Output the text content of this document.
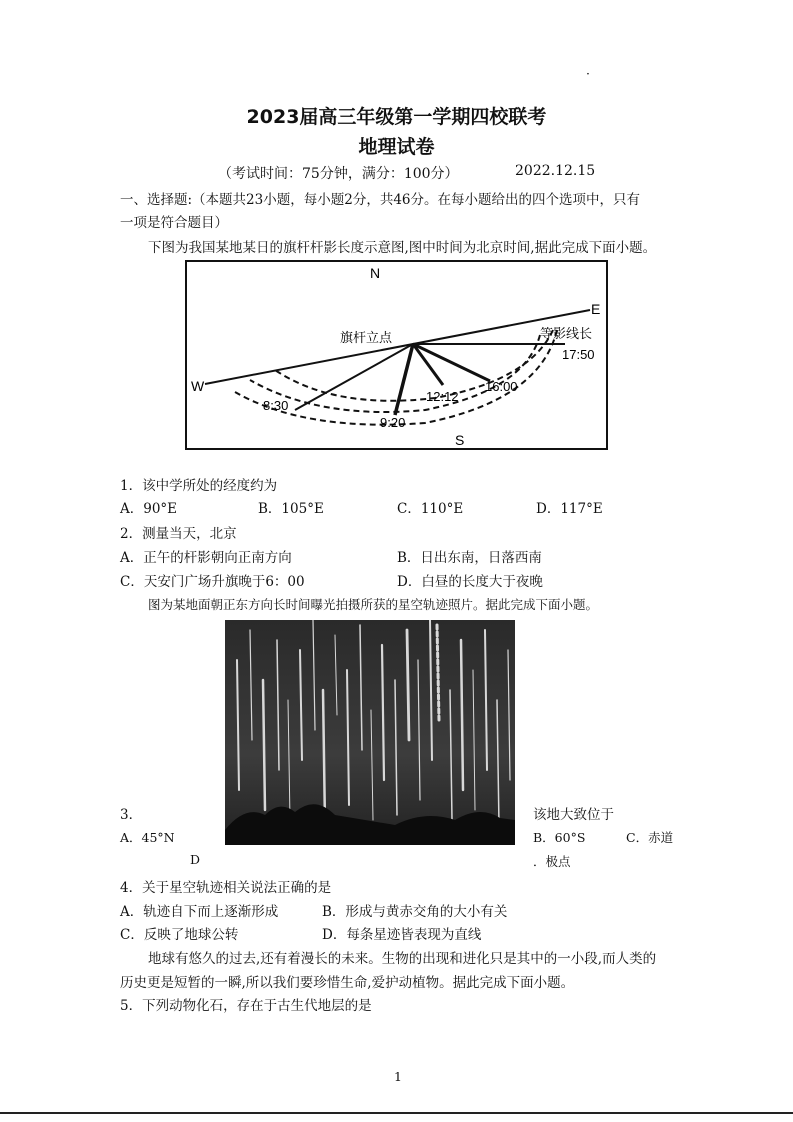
·
2023届高三年级第一学期四校联考
地理试卷
（考试时间：75分钟，满分：100分）	2022.12.15
一、选择题:（本题共23小题，每小题2分，共46分。在每小题给出的四个选项中，只有
一项是符合题目）
下图为我国某地某日的旗杆杆影长度示意图,图中时间为北京时间,据此完成下面小题。
N
S
E
W
旗杆立点	等影线长
17:50
16:00
12:12
9:20
8:30
1．该中学所处的经度约为
A．90°E	B．105°E	C．110°E	D．117°E
2．测量当天，北京
A．正午的杆影朝向正南方向	B．日出东南，日落西南
C．天安门广场升旗晚于6：00	D．白昼的长度大于夜晚
图为某地面朝正东方向长时间曝光拍摄所获的星空轨迹照片。据此完成下面小题。
3．	该地大致位于
A．45°N	B．60°S	C．赤道
D	．极点
4．关于星空轨迹相关说法正确的是
A．轨迹自下而上逐渐形成	B．形成与黄赤交角的大小有关
C．反映了地球公转	D．每条星迹皆表现为直线
地球有悠久的过去,还有着漫长的未来。生物的出现和进化只是其中的一小段,而人类的
历史更是短暂的一瞬,所以我们要珍惜生命,爱护动植物。据此完成下面小题。
5．下列动物化石，存在于古生代地层的是
1
